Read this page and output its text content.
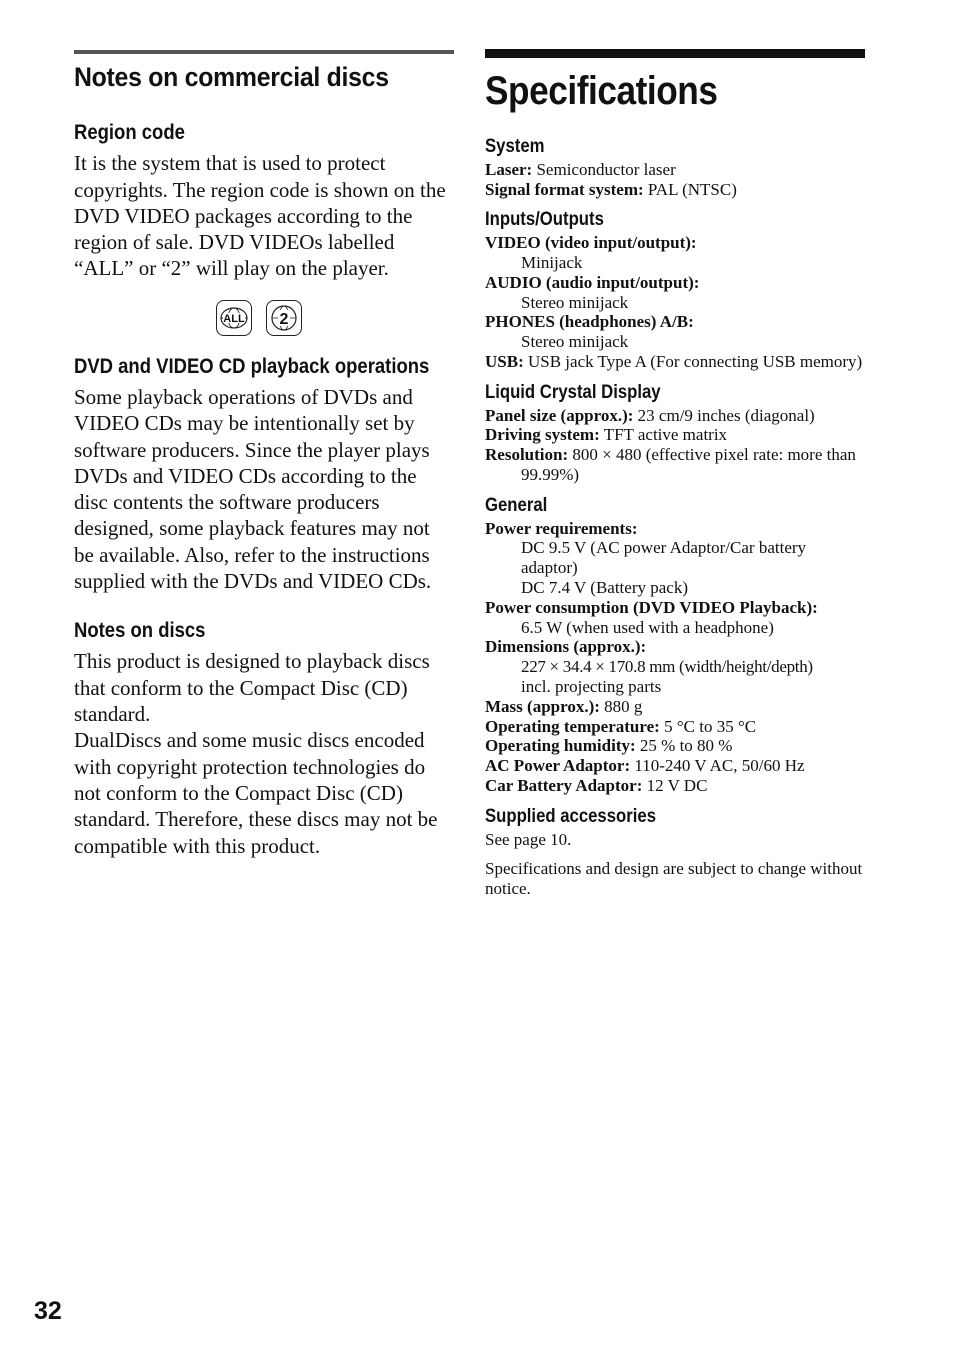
Notes on commercial discs
Region code

It is the system that is used to protect copyrights. The region code is shown on the DVD VIDEO packages according to the region of sale. DVD VIDEOs labelled “ALL” or “2” will play on the player.

ALL 2
DVD and VIDEO CD playback operations

Some playback operations of DVDs and VIDEO CDs may be intentionally set by software producers. Since the player plays DVDs and VIDEO CDs according to the disc contents the software producers designed, some playback features may not be available. Also, refer to the instructions supplied with the DVDs and VIDEO CDs.

Notes on discs

This product is designed to playback discs that conform to the Compact Disc (CD) standard.

DualDiscs and some music discs encoded with copyright protection technologies do not conform to the Compact Disc (CD) standard. Therefore, these discs may not be compatible with this product.

Specifications
System

Laser: Semiconductor laser

Signal format system: PAL (NTSC)

Inputs/Outputs

VIDEO (video input/output):

Minijack

AUDIO (audio input/output):

Stereo minijack

PHONES (headphones) A/B:

Stereo minijack

USB: USB jack Type A (For connecting USB memory)

Liquid Crystal Display

Panel size (approx.): 23 cm/9 inches (diagonal)

Driving system: TFT active matrix

Resolution: 800 × 480 (effective pixel rate: more than 99.99%)

General

Power requirements:

DC 9.5 V (AC power Adaptor/Car battery adaptor)

DC 7.4 V (Battery pack)

Power consumption (DVD VIDEO Playback):

6.5 W (when used with a headphone)

Dimensions (approx.):

227 × 34.4 × 170.8 mm (width/height/depth)

incl. projecting parts

Mass (approx.): 880 g

Operating temperature: 5 °C to 35 °C

Operating humidity: 25 % to 80 %

AC Power Adaptor: 110-240 V AC, 50/60 Hz

Car Battery Adaptor: 12 V DC

Supplied accessories

See page 10.

Specifications and design are subject to change without notice.

32
